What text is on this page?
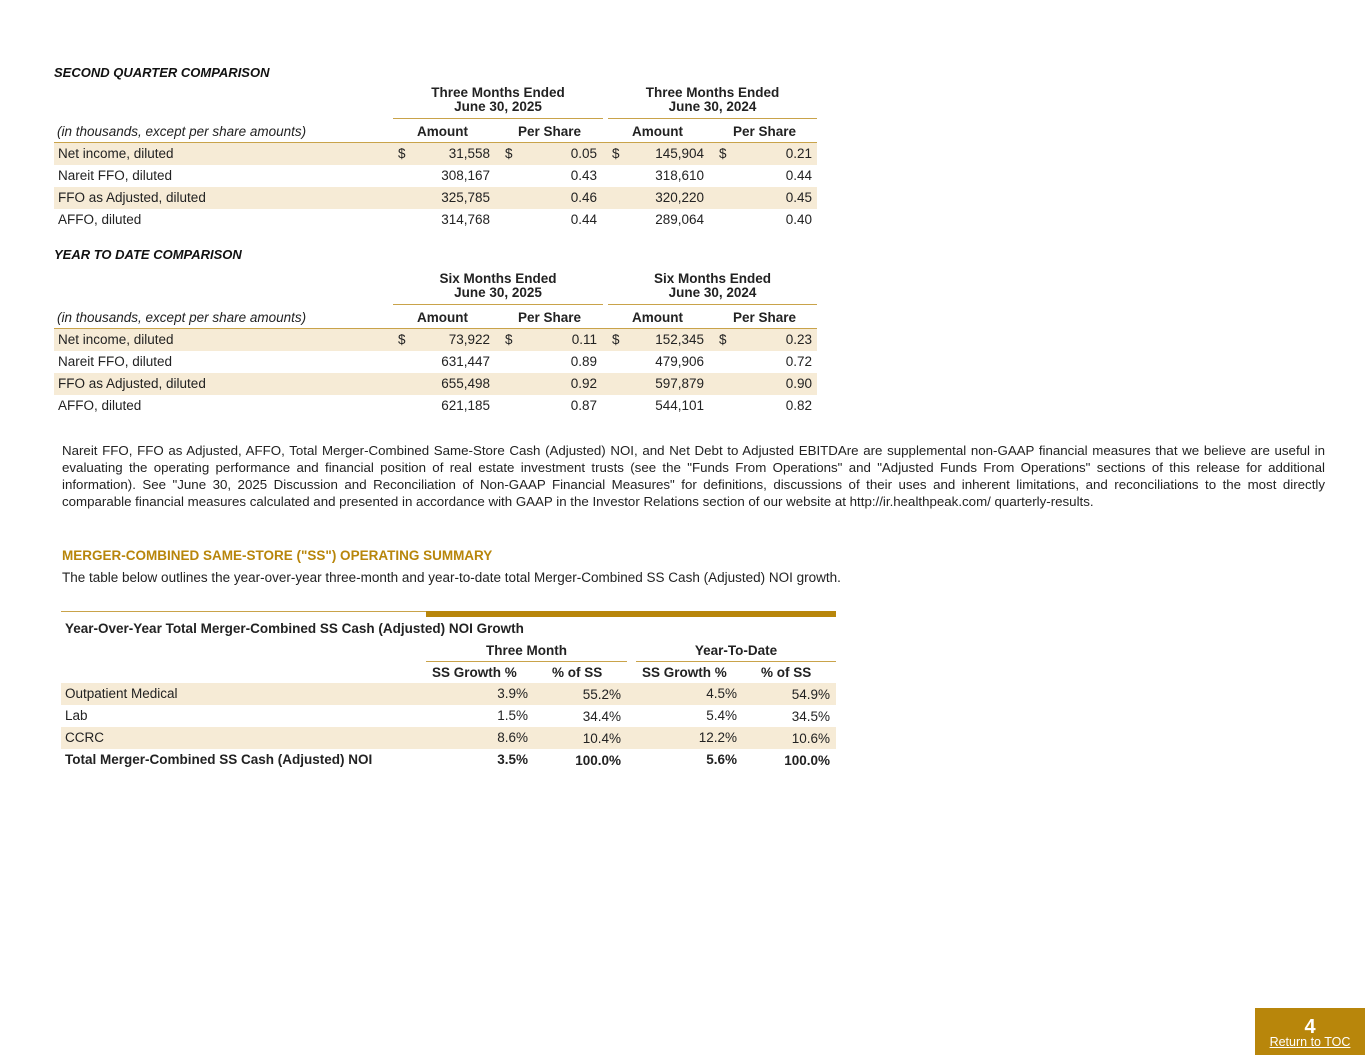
SECOND QUARTER COMPARISON
Three Months Ended
June 30, 2025
Three Months Ended
June 30, 2024
(in thousands, except per share amounts)	Amount	Per Share	Amount	Per Share
Net income, diluted	$	31,558 $	0.05 $	145,904 $	0.21
Nareit FFO, diluted	308,167	0.43	318,610	0.44
FFO as Adjusted, diluted	325,785	0.46	320,220	0.45
AFFO, diluted	314,768	0.44	289,064	0.40
YEAR TO DATE COMPARISON
Six Months Ended
June 30, 2025
Six Months Ended
June 30, 2024
(in thousands, except per share amounts)	Amount	Per Share	Amount	Per Share
Net income, diluted	$	73,922 $	0.11 $	152,345 $	0.23
Nareit FFO, diluted	631,447	0.89	479,906	0.72
FFO as Adjusted, diluted	655,498	0.92	597,879	0.90
AFFO, diluted	621,185	0.87	544,101	0.82
Nareit FFO, FFO as Adjusted, AFFO, Total Merger-Combined Same-Store Cash (Adjusted) NOI, and Net Debt to Adjusted EBITDAre are supplemental non-GAAP financial measures that we believe are useful in evaluating the operating performance and financial position of real estate investment trusts (see the "Funds From Operations" and "Adjusted Funds From Operations" sections of this release for additional information). See "June 30, 2025 Discussion and Reconciliation of Non-GAAP Financial Measures" for definitions, discussions of their uses and inherent limitations, and reconciliations to the most directly comparable financial measures calculated and presented in accordance with GAAP in the Investor Relations section of our website at http://ir.healthpeak.com/ quarterly-results.
MERGER-COMBINED SAME-STORE ("SS") OPERATING SUMMARY
The table below outlines the year-over-year three-month and year-to-date total Merger-Combined SS Cash (Adjusted) NOI growth.
Year-Over-Year Total Merger-Combined SS Cash (Adjusted) NOI Growth
Three Month	Year-To-Date
SS Growth %	% of SS	SS Growth %	% of SS
Outpatient Medical	3.9%	55.2%	4.5%	54.9%
Lab	1.5%	34.4%	5.4%	34.5%
CCRC	8.6%	10.4%	12.2%	10.6%
Total Merger-Combined SS Cash (Adjusted) NOI	3.5%	100.0%	5.6%	100.0%
4
Return to TOC
